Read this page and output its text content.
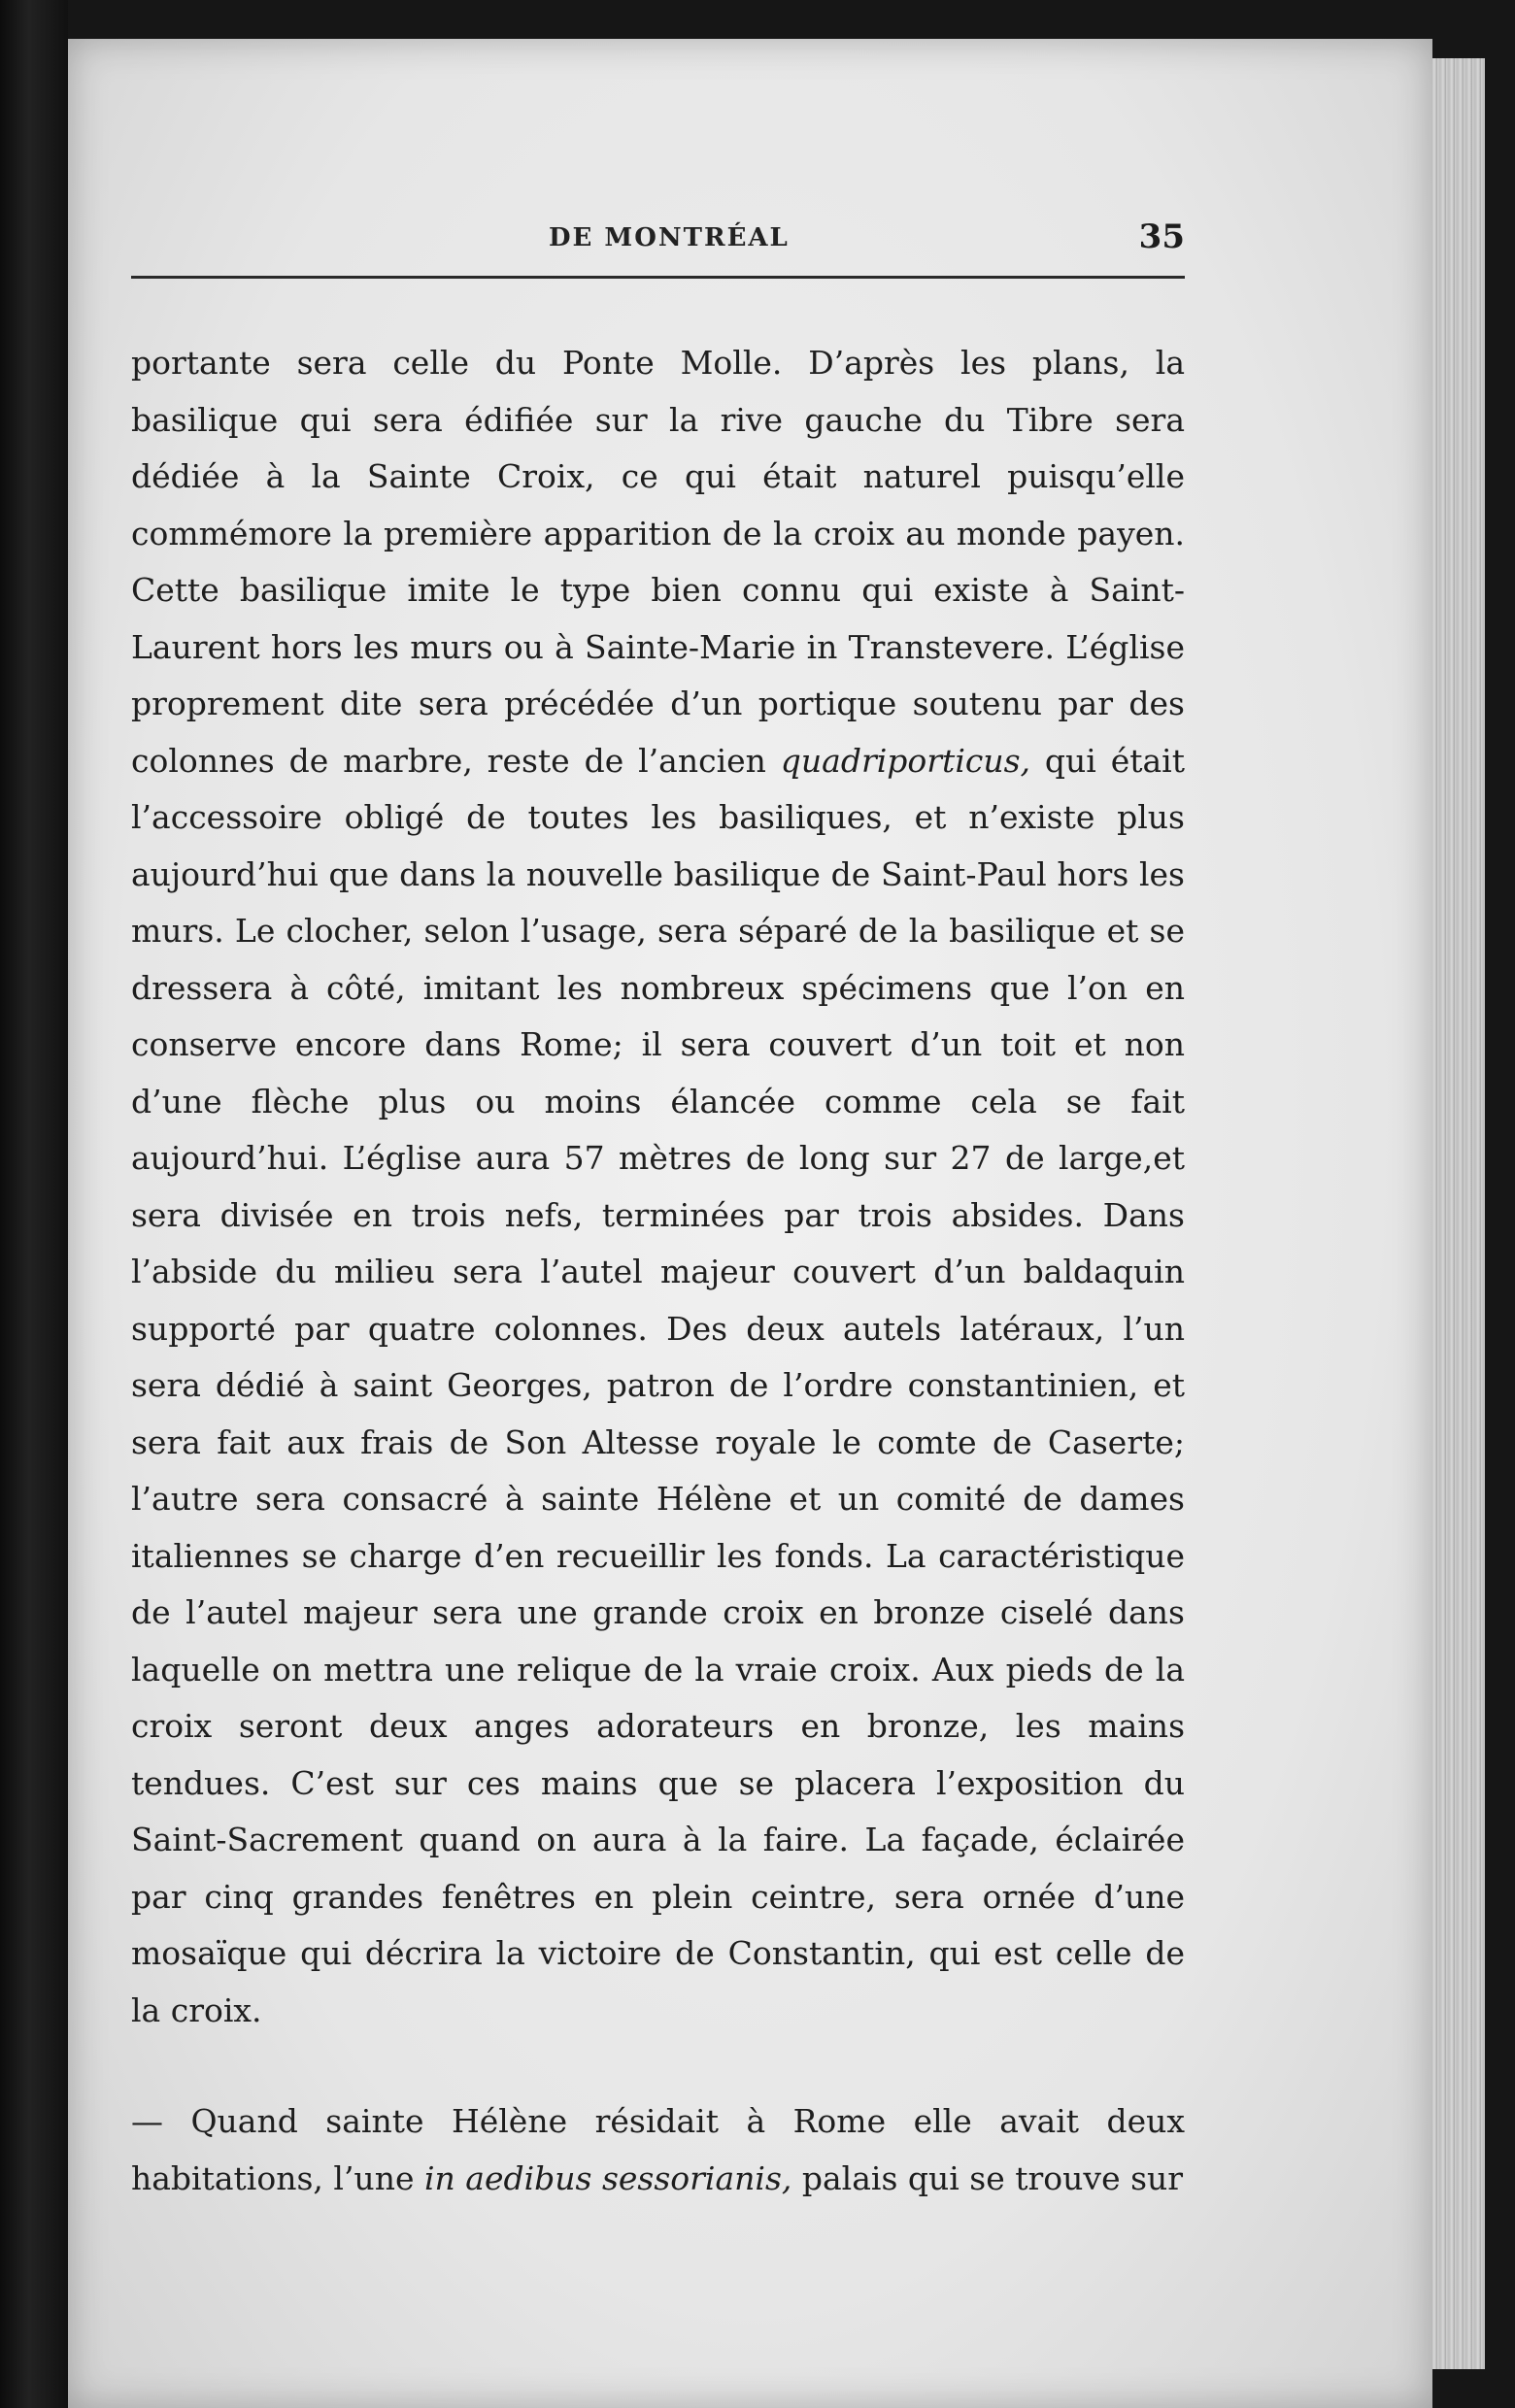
DE MONTRÉAL	35

portante sera celle du Ponte Molle. D’après les plans, la basilique qui sera édifiée sur la rive gauche du Tibre sera dédiée à la Sainte Croix, ce qui était naturel puisqu’elle commémore la première apparition de la croix au monde payen. Cette basilique imite le type bien connu qui existe à Saint-Laurent hors les murs ou à Sainte-Marie in Transtevere. L’église proprement dite sera précédée d’un portique soutenu par des colonnes de marbre, reste de l’ancien quadriporticus, qui était l’accessoire obligé de toutes les basiliques, et n’existe plus aujourd’hui que dans la nouvelle basilique de Saint-Paul hors les murs. Le clocher, selon l’usage, sera séparé de la basilique et se dressera à côté, imitant les nombreux spécimens que l’on en conserve encore dans Rome; il sera couvert d’un toit et non d’une flèche plus ou moins élancée comme cela se fait aujourd’hui. L’église aura 57 mètres de long sur 27 de large,et sera divisée en trois nefs, terminées par trois absides. Dans l’abside du milieu sera l’autel majeur couvert d’un baldaquin supporté par quatre colonnes. Des deux autels latéraux, l’un sera dédié à saint Georges, patron de l’ordre constantinien, et sera fait aux frais de Son Altesse royale le comte de Caserte; l’autre sera consacré à sainte Hélène et un comité de dames italiennes se charge d’en recueillir les fonds. La caractéristique de l’autel majeur sera une grande croix en bronze ciselé dans laquelle on mettra une relique de la vraie croix. Aux pieds de la croix seront deux anges adorateurs en bronze, les mains tendues. C’est sur ces mains que se placera l’exposition du Saint-Sacrement quand on aura à la faire. La façade, éclairée par cinq grandes fenêtres en plein ceintre, sera ornée d’une mosaïque qui décrira la victoire de Constantin, qui est celle de la croix.

— Quand sainte Hélène résidait à Rome elle avait deux habitations, l’une in aedibus sessorianis, palais qui se trouve sur
